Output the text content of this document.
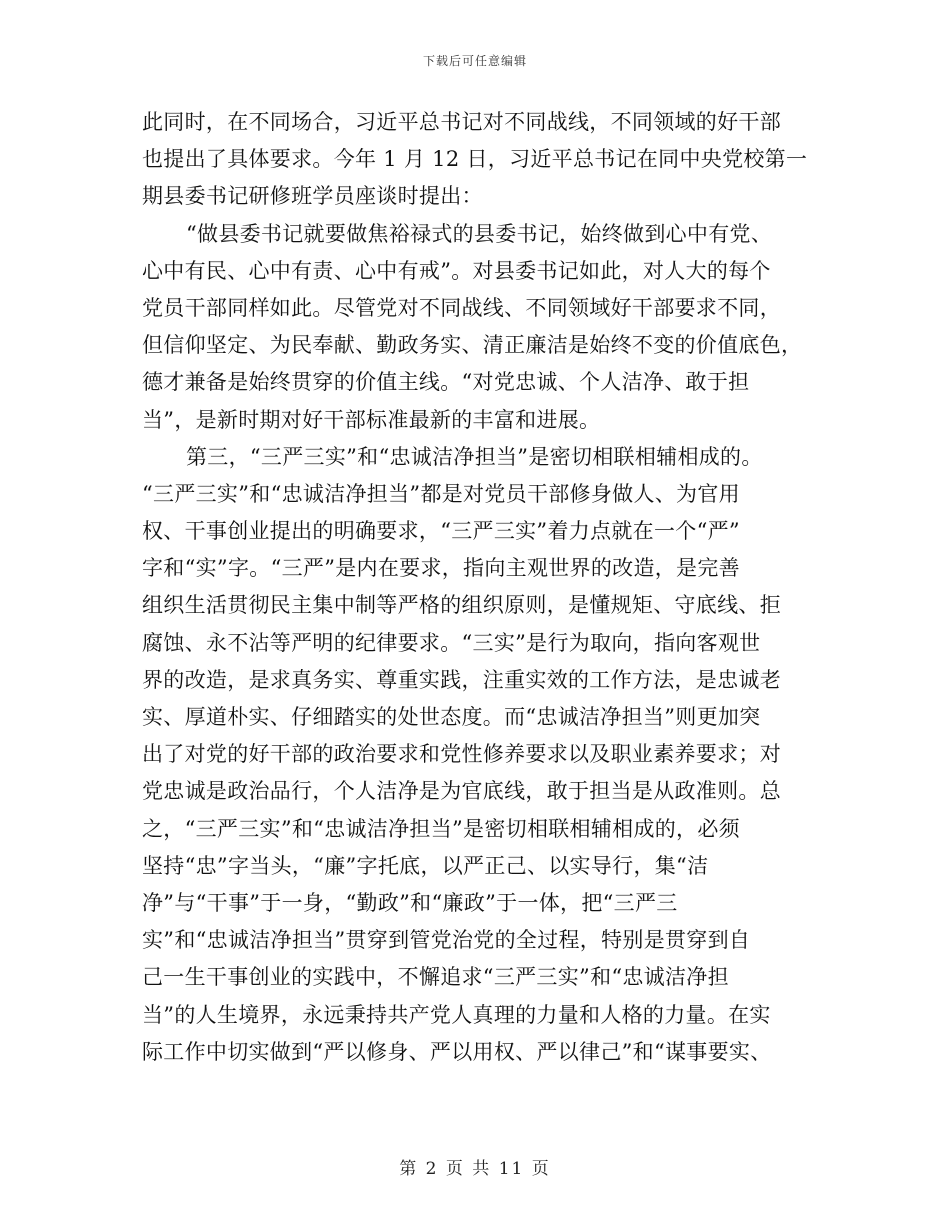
下载后可任意编辑
此同时，在不同场合，习近平总书记对不同战线，不同领域的好干部
也提出了具体要求。今年 1 月 12 日，习近平总书记在同中央党校第一
期县委书记研修班学员座谈时提出：
“做县委书记就要做焦裕禄式的县委书记，始终做到心中有党、
心中有民、心中有责、心中有戒”。对县委书记如此，对人大的每个
党员干部同样如此。尽管党对不同战线、不同领域好干部要求不同，
但信仰坚定、为民奉献、勤政务实、清正廉洁是始终不变的价值底色，
德才兼备是始终贯穿的价值主线。“对党忠诚、个人洁净、敢于担
当”，是新时期对好干部标准最新的丰富和进展。
第三，“三严三实”和“忠诚洁净担当”是密切相联相辅相成的。
“三严三实”和“忠诚洁净担当”都是对党员干部修身做人、为官用
权、干事创业提出的明确要求，“三严三实”着力点就在一个“严”
字和“实”字。“三严”是内在要求，指向主观世界的改造，是完善
组织生活贯彻民主集中制等严格的组织原则，是懂规矩、守底线、拒
腐蚀、永不沾等严明的纪律要求。“三实”是行为取向，指向客观世
界的改造，是求真务实、尊重实践，注重实效的工作方法，是忠诚老
实、厚道朴实、仔细踏实的处世态度。而“忠诚洁净担当”则更加突
出了对党的好干部的政治要求和党性修养要求以及职业素养要求；对
党忠诚是政治品行，个人洁净是为官底线，敢于担当是从政准则。总
之，“三严三实”和“忠诚洁净担当”是密切相联相辅相成的，必须
坚持“忠”字当头，“廉”字托底，以严正己、以实导行，集“洁
净”与“干事”于一身，“勤政”和“廉政”于一体，把“三严三
实”和“忠诚洁净担当”贯穿到管党治党的全过程，特别是贯穿到自
己一生干事创业的实践中，不懈追求“三严三实”和“忠诚洁净担
当”的人生境界，永远秉持共产党人真理的力量和人格的力量。在实
际工作中切实做到“严以修身、严以用权、严以律己”和“谋事要实、
第 2 页 共 11 页
